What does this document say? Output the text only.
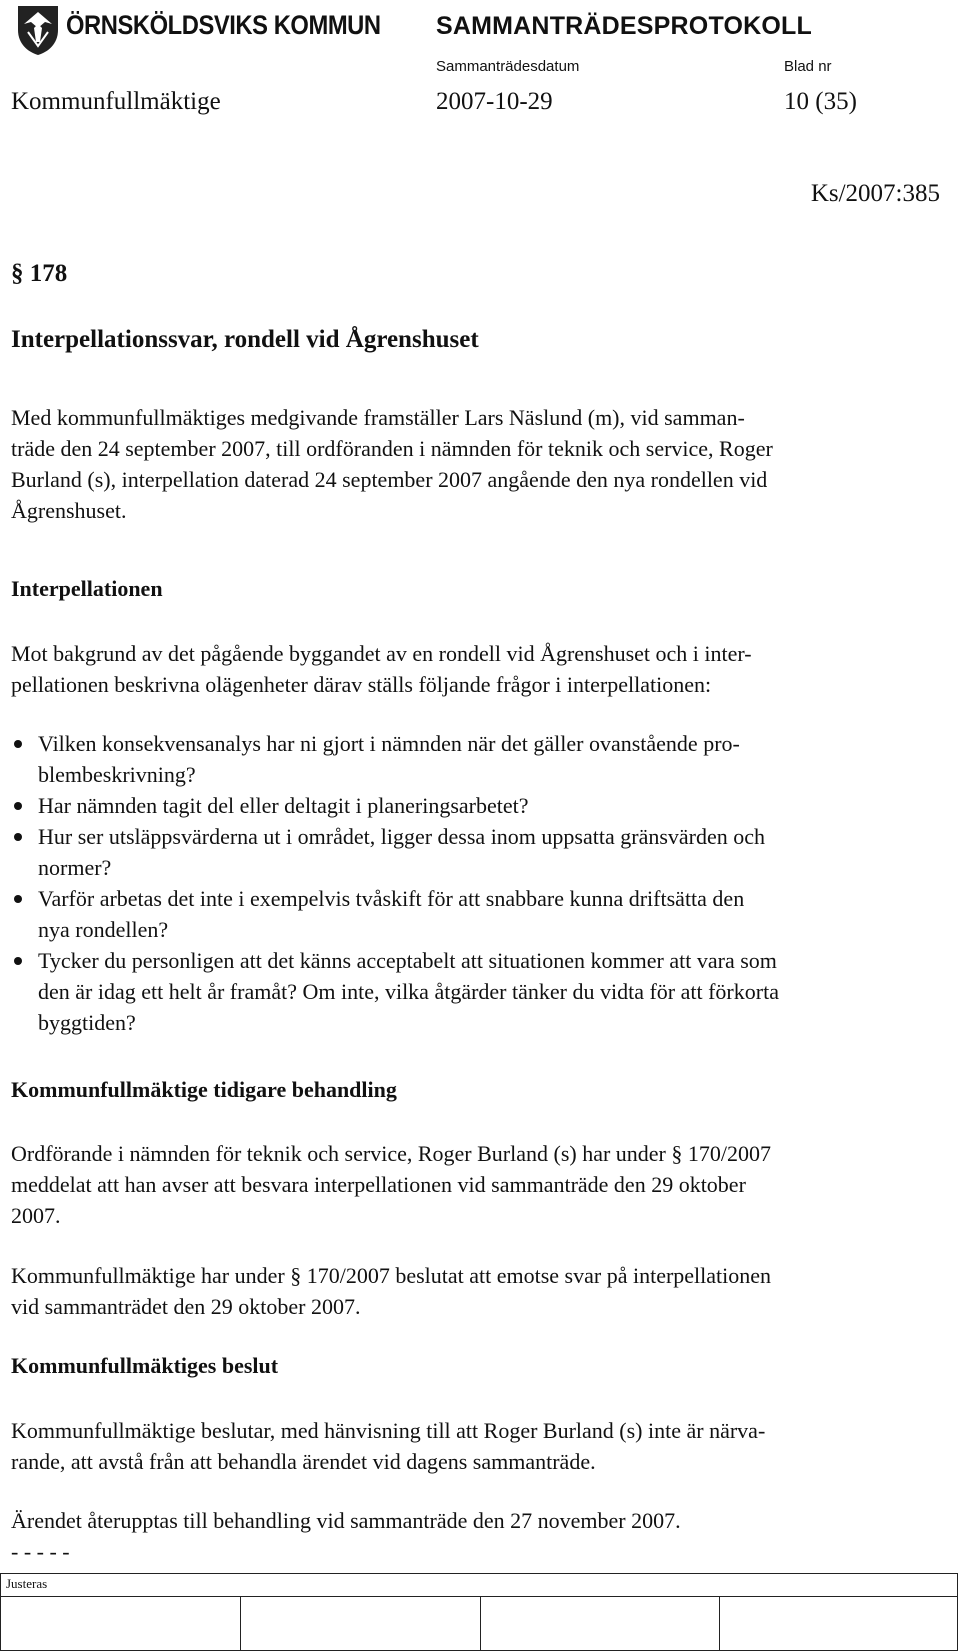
ÖRNSKÖLDSVIKS KOMMUN SAMMANTRÄDESPROTOKOLL
Sammanträdesdatum	Blad nr
Kommunfullmäktige	2007-10-29	10 (35)
Ks/2007:385
§ 178
Interpellationssvar, rondell vid Ågrenshuset
Med kommunfullmäktiges medgivande framställer Lars Näslund (m), vid samman-
träde den 24 september 2007, till ordföranden i nämnden för teknik och service, Roger
Burland (s), interpellation daterad 24 september 2007 angående den nya rondellen vid
Ågrenshuset.
Interpellationen
Mot bakgrund av det pågående byggandet av en rondell vid Ågrenshuset och i inter-
pellationen beskrivna olägenheter därav ställs följande frågor i interpellationen:
Vilken konsekvensanalys har ni gjort i nämnden när det gäller ovanstående pro-
blembeskrivning?
Har nämnden tagit del eller deltagit i planeringsarbetet?
Hur ser utsläppsvärderna ut i området, ligger dessa inom uppsatta gränsvärden och
normer?
Varför arbetas det inte i exempelvis tvåskift för att snabbare kunna driftsätta den
nya rondellen?
Tycker du personligen att det känns acceptabelt att situationen kommer att vara som
den är idag ett helt år framåt? Om inte, vilka åtgärder tänker du vidta för att förkorta
byggtiden?
Kommunfullmäktige tidigare behandling
Ordförande i nämnden för teknik och service, Roger Burland (s) har under § 170/2007
meddelat att han avser att besvara interpellationen vid sammanträde den 29 oktober
2007.
Kommunfullmäktige har under § 170/2007 beslutat att emotse svar på interpellationen
vid sammanträdet den 29 oktober 2007.
Kommunfullmäktiges beslut
Kommunfullmäktige beslutar, med hänvisning till att Roger Burland (s) inte är närva-
rande, att avstå från att behandla ärendet vid dagens sammanträde.
Ärendet återupptas till behandling vid sammanträde den 27 november 2007.
- - - - -
Justeras
